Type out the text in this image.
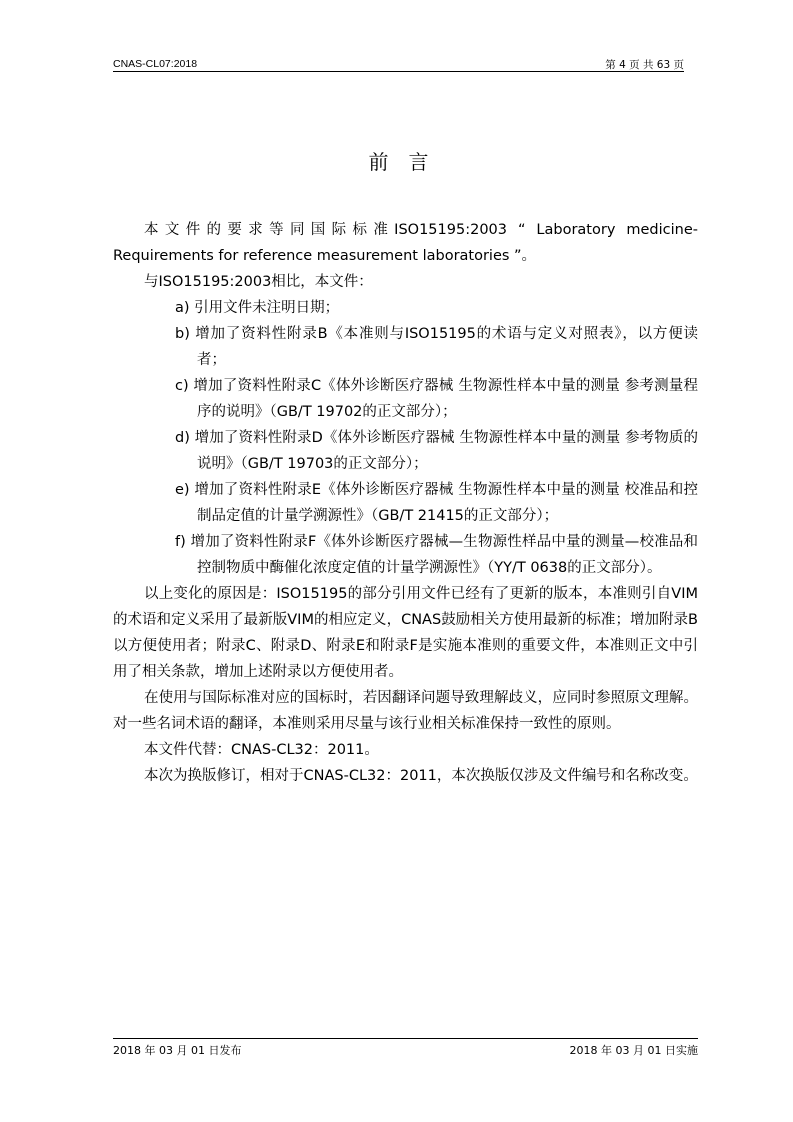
CNAS-CL07:2018	第 4 页 共 63 页
前言

本文件的要求等同国际标准ISO15195:2003 “ Laboratory medicine-Requirements for reference measurement laboratories ”。

与ISO15195:2003相比，本文件：

a) 引用文件未注明日期；

b) 增加了资料性附录B《本准则与ISO15195的术语与定义对照表》，以方便读者；

c) 增加了资料性附录C《体外诊断医疗器械 生物源性样本中量的测量 参考测量程序的说明》（GB/T 19702的正文部分）；

d) 增加了资料性附录D《体外诊断医疗器械 生物源性样本中量的测量 参考物质的说明》（GB/T 19703的正文部分）；

e) 增加了资料性附录E《体外诊断医疗器械 生物源性样本中量的测量 校准品和控制品定值的计量学溯源性》（GB/T 21415的正文部分）；

f) 增加了资料性附录F《体外诊断医疗器械—生物源性样品中量的测量—校准品和控制物质中酶催化浓度定值的计量学溯源性》（YY/T 0638的正文部分）。

以上变化的原因是：ISO15195的部分引用文件已经有了更新的版本，本准则引自VIM的术语和定义采用了最新版VIM的相应定义，CNAS鼓励相关方使用最新的标准；增加附录B以方便使用者；附录C、附录D、附录E和附录F是实施本准则的重要文件，本准则正文中引用了相关条款，增加上述附录以方便使用者。

在使用与国际标准对应的国标时，若因翻译问题导致理解歧义，应同时参照原文理解。对一些名词术语的翻译，本准则采用尽量与该行业相关标准保持一致性的原则。

本文件代替：CNAS-CL32：2011。

本次为换版修订，相对于CNAS-CL32：2011，本次换版仅涉及文件编号和名称改变。

2018 年 03 月 01 日发布	2018 年 03 月 01 日实施
